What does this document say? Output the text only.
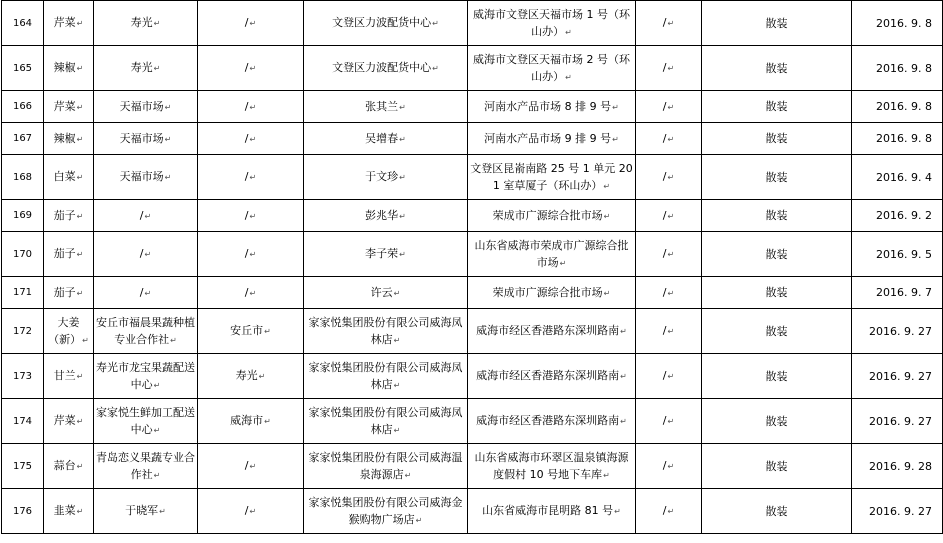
164	芹菜↵	寿光↵	/↵	文登区力波配货中心↵	威海市文登区天福市场 1 号（环山办）↵	/↵	散装	2016. 9. 8
165	辣椒↵	寿光↵	/↵	文登区力波配货中心↵	威海市文登区天福市场 2 号（环山办）↵	/↵	散装	2016. 9. 8
166	芹菜↵	天福市场↵	/↵	张其兰↵	河南水产品市场 8 排 9 号↵	/↵	散装	2016. 9. 8
167	辣椒↵	天福市场↵	/↵	吴增春↵	河南水产品市场 9 排 9 号↵	/↵	散装	2016. 9. 8
168	白菜↵	天福市场↵	/↵	于文珍↵	文登区昆嵛南路 25 号 1 单元 201 室草厦子（环山办）↵	/↵	散装	2016. 9. 4
169	茄子↵	/↵	/↵	彭兆华↵	荣成市广源综合批市场↵	/↵	散装	2016. 9. 2
170	茄子↵	/↵	/↵	李子荣↵	山东省威海市荣成市广源综合批市场↵	/↵	散装	2016. 9. 5
171	茄子↵	/↵	/↵	许云↵	荣成市广源综合批市场↵	/↵	散装	2016. 9. 7
172	大姜（新）↵	安丘市福晨果蔬种植专业合作社↵	安丘市↵	家家悦集团股份有限公司威海凤林店↵	威海市经区香港路东深圳路南↵	/↵	散装	2016. 9. 27
173	甘兰↵	寿光市龙宝果蔬配送中心↵	寿光↵	家家悦集团股份有限公司威海凤林店↵	威海市经区香港路东深圳路南↵	/↵	散装	2016. 9. 27
174	芹菜↵	家家悦生鲜加工配送中心↵	威海市↵	家家悦集团股份有限公司威海凤林店↵	威海市经区香港路东深圳路南↵	/↵	散装	2016. 9. 27
175	蒜台↵	青岛恋义果蔬专业合作社↵	/↵	家家悦集团股份有限公司威海温泉海源店↵	山东省威海市环翠区温泉镇海源度假村 10 号地下车库↵	/↵	散装	2016. 9. 28
176	韭菜↵	于晓军↵	/↵	家家悦集团股份有限公司威海金猴购物广场店↵	山东省威海市昆明路 81 号↵	/↵	散装	2016. 9. 27
